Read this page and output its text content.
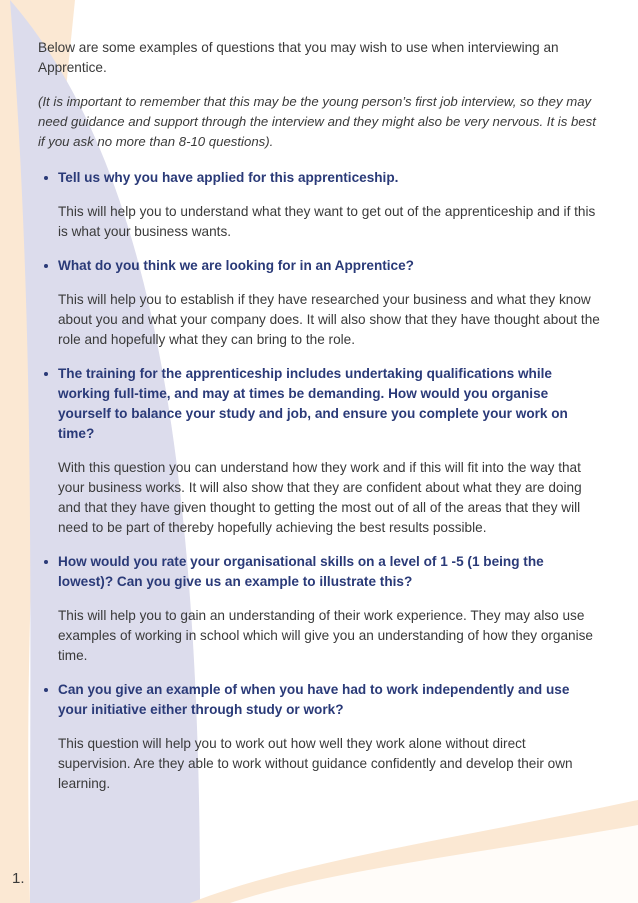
Below are some examples of questions that you may wish to use when interviewing an Apprentice.

(It is important to remember that this may be the young person’s first job interview, so they may need guidance and support through the interview and they might also be very nervous. It is best if you ask no more than 8-10 questions).

Tell us why you have applied for this apprenticeship.

This will help you to understand what they want to get out of the apprenticeship and if this is what your business wants.

What do you think we are looking for in an Apprentice?

This will help you to establish if they have researched your business and what they know about you and what your company does. It will also show that they have thought about the role and hopefully what they can bring to the role.

The training for the apprenticeship includes undertaking qualifications while working full-time, and may at times be demanding. How would you organise yourself to balance your study and job, and ensure you complete your work on time?

With this question you can understand how they work and if this will fit into the way that your business works. It will also show that they are confident about what they are doing and that they have given thought to getting the most out of all of the areas that they will need to be part of thereby hopefully achieving the best results possible.

How would you rate your organisational skills on a level of 1 -5 (1 being the lowest)? Can you give us an example to illustrate this?

This will help you to gain an understanding of their work experience. They may also use examples of working in school which will give you an understanding of how they organise time.

Can you give an example of when you have had to work independently and use your initiative either through study or work?

This question will help you to work out how well they work alone without direct supervision. Are they able to work without guidance confidently and develop their own learning.

1.
